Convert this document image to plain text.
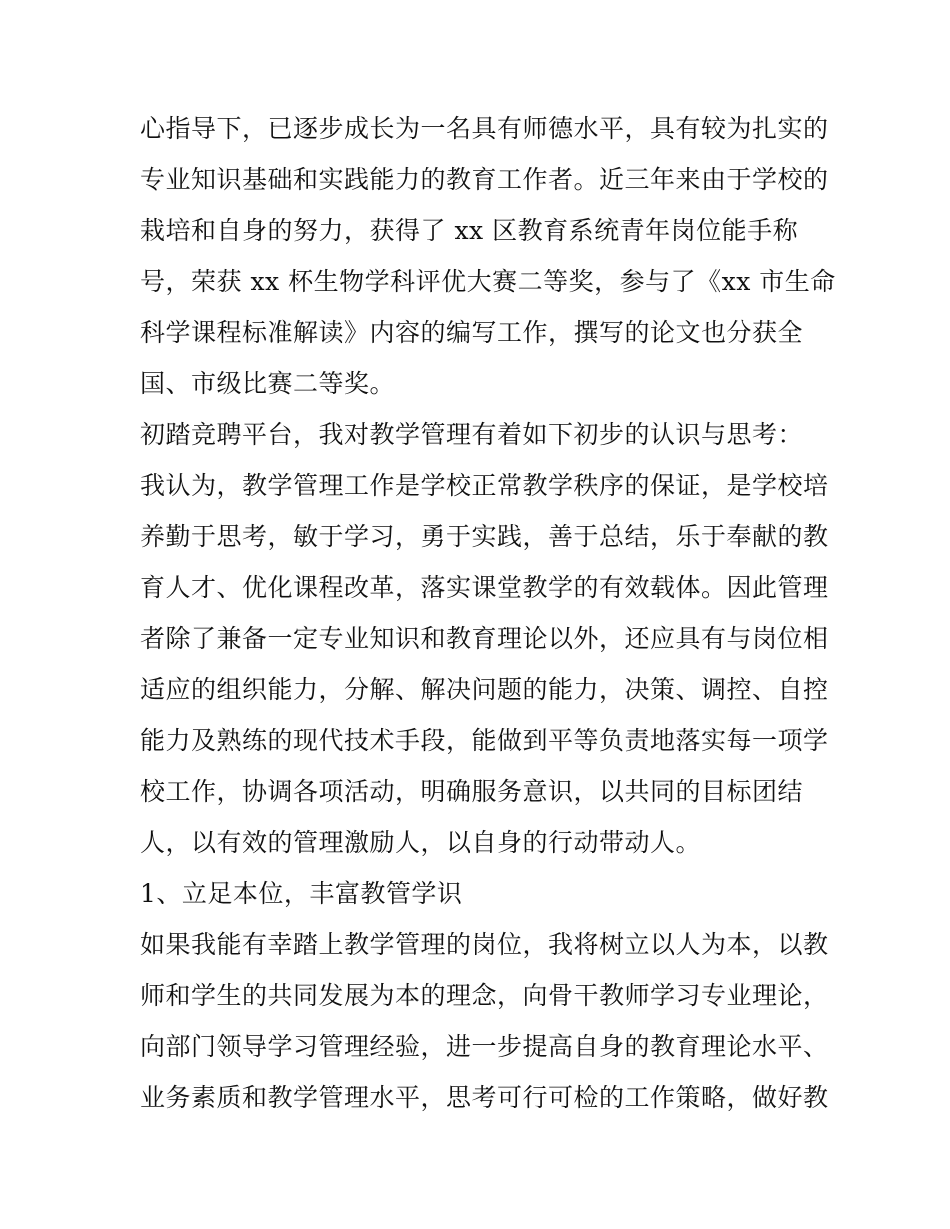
心指导下，已逐步成长为一名具有师德水平，具有较为扎实的
专业知识基础和实践能力的教育工作者。近三年来由于学校的
栽培和自身的努力，获得了 xx 区教育系统青年岗位能手称
号，荣获 xx 杯生物学科评优大赛二等奖，参与了《xx 市生命
科学课程标准解读》内容的编写工作，撰写的论文也分获全
国、市级比赛二等奖。
初踏竞聘平台，我对教学管理有着如下初步的认识与思考：
我认为，教学管理工作是学校正常教学秩序的保证，是学校培
养勤于思考，敏于学习，勇于实践，善于总结，乐于奉献的教
育人才、优化课程改革，落实课堂教学的有效载体。因此管理
者除了兼备一定专业知识和教育理论以外，还应具有与岗位相
适应的组织能力，分解、解决问题的能力，决策、调控、自控
能力及熟练的现代技术手段，能做到平等负责地落实每一项学
校工作，协调各项活动，明确服务意识，以共同的目标团结
人，以有效的管理激励人，以自身的行动带动人。
1、立足本位，丰富教管学识
如果我能有幸踏上教学管理的岗位，我将树立以人为本，以教
师和学生的共同发展为本的理念，向骨干教师学习专业理论，
向部门领导学习管理经验，进一步提高自身的教育理论水平、
业务素质和教学管理水平，思考可行可检的工作策略，做好教
